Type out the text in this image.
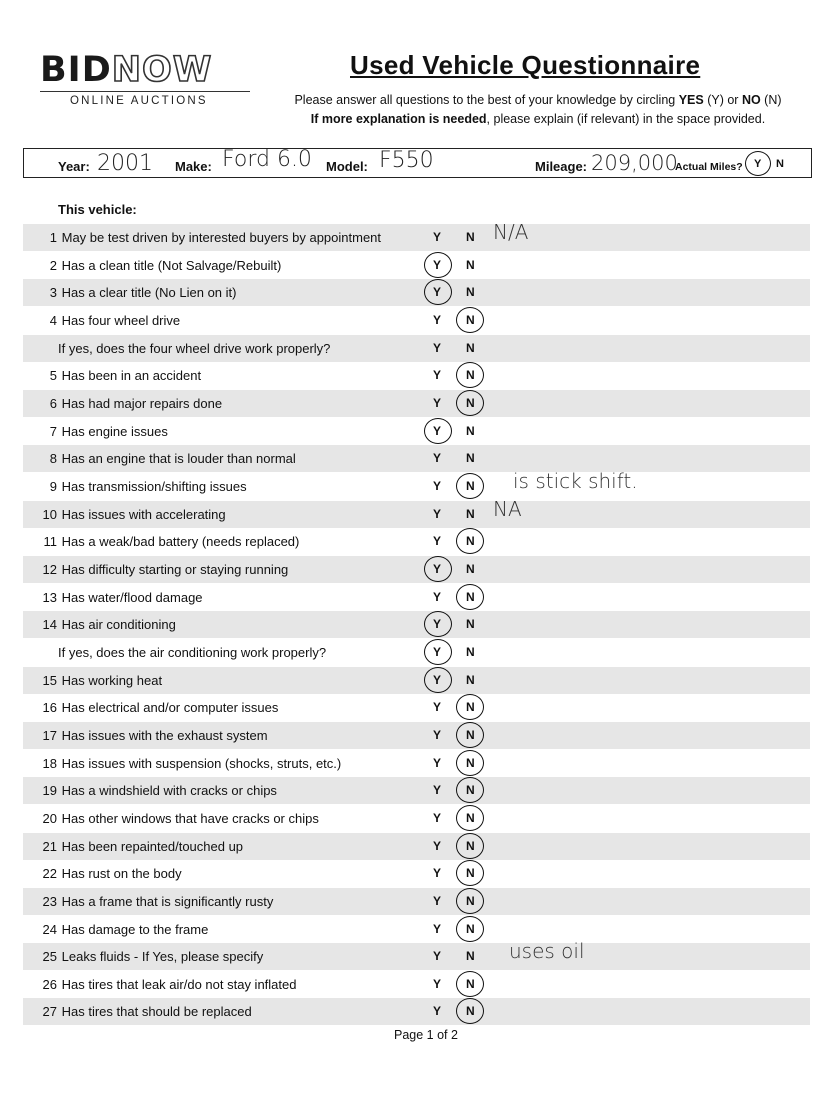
BIDNOW
ONLINE AUCTIONS
Used Vehicle Questionnaire
Please answer all questions to the best of your knowledge by circling YES (Y) or NO (N)
If more explanation is needed, please explain (if relevant) in the space provided.
Year: 2001 Make: Ford 6.0 Model: F550	Mileage: 209,000
Actual Miles? Y N
This vehicle:
1 May be test driven by interested buyers by appointment	Y N N/A
2 Has a clean title (Not Salvage/Rebuilt)	Y N
3 Has a clear title (No Lien on it)	Y N
4 Has four wheel drive	Y N
If yes, does the four wheel drive work properly?	Y N
5 Has been in an accident	Y N
6 Has had major repairs done	Y N
7 Has engine issues	Y N
8 Has an engine that is louder than normal	Y N
9 Has transmission/shifting issues	Y N is stick shift.
10 Has issues with accelerating	Y N NA
11 Has a weak/bad battery (needs replaced)	Y N
12 Has difficulty starting or staying running	Y N
13 Has water/flood damage	Y N
14 Has air conditioning	Y N
If yes, does the air conditioning work properly?	Y N
15 Has working heat	Y N
16 Has electrical and/or computer issues	Y N
17 Has issues with the exhaust system	Y N
18 Has issues with suspension (shocks, struts, etc.)	Y N
19 Has a windshield with cracks or chips	Y N
20 Has other windows that have cracks or chips	Y N
21 Has been repainted/touched up	Y N
22 Has rust on the body	Y N
23 Has a frame that is significantly rusty	Y N
24 Has damage to the frame	Y N
25 Leaks fluids - If Yes, please specify	Y N uses oil
26 Has tires that leak air/do not stay inflated	Y N
27 Has tires that should be replaced	Y N
Page 1 of 2
